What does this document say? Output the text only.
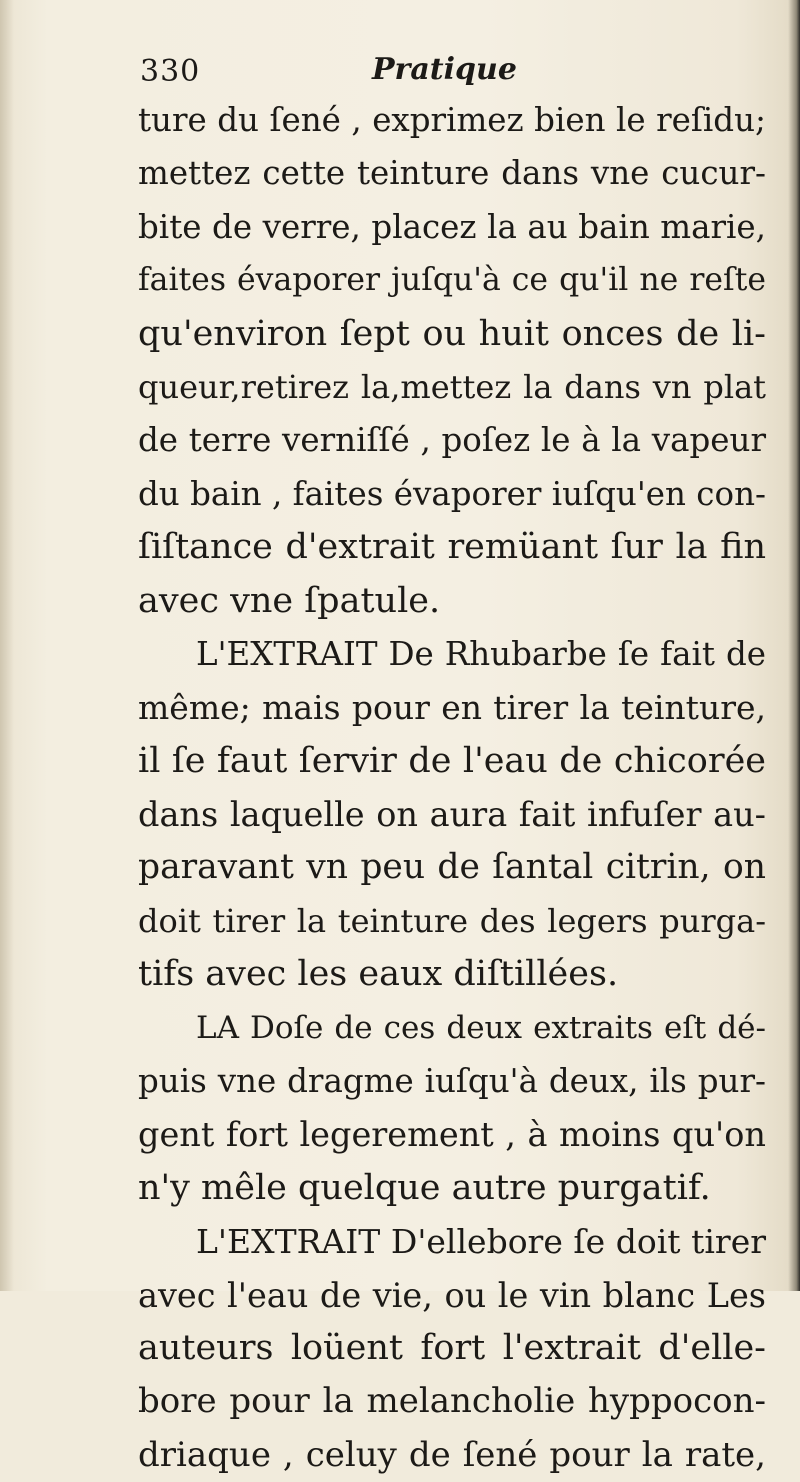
330	Pratique
ture du ſené , exprimez bien le reſidu;
mettez cette teinture dans vne cucur-
bite de verre, placez la au bain marie,
faites évaporer juſqu'à ce qu'il ne reſte
qu'environ ſept ou huit onces de li-
queur,retirez la,mettez la dans vn plat
de terre verniſſé , poſez le à la vapeur
du bain , faites évaporer iuſqu'en con-
ſiſtance d'extrait remüant ſur la fin
avec vne ſpatule.
L'EXTRAIT De Rhubarbe ſe fait de
même; mais pour en tirer la teinture,
il ſe faut ſervir de l'eau de chicorée
dans laquelle on aura fait infuſer au-
paravant vn peu de ſantal citrin, on
doit tirer la teinture des legers purga-
tifs avec les eaux diſtillées.
LA Doſe de ces deux extraits eſt dé-
puis vne dragme iuſqu'à deux, ils pur-
gent fort legerement , à moins qu'on
n'y mêle quelque autre purgatif.
L'EXTRAIT D'ellebore ſe doit tirer
avec l'eau de vie, ou le vin blanc Les
auteurs loüent fort l'extrait d'elle-
bore pour la melancholie hyppocon-
driaque , celuy de ſené pour la rate,
